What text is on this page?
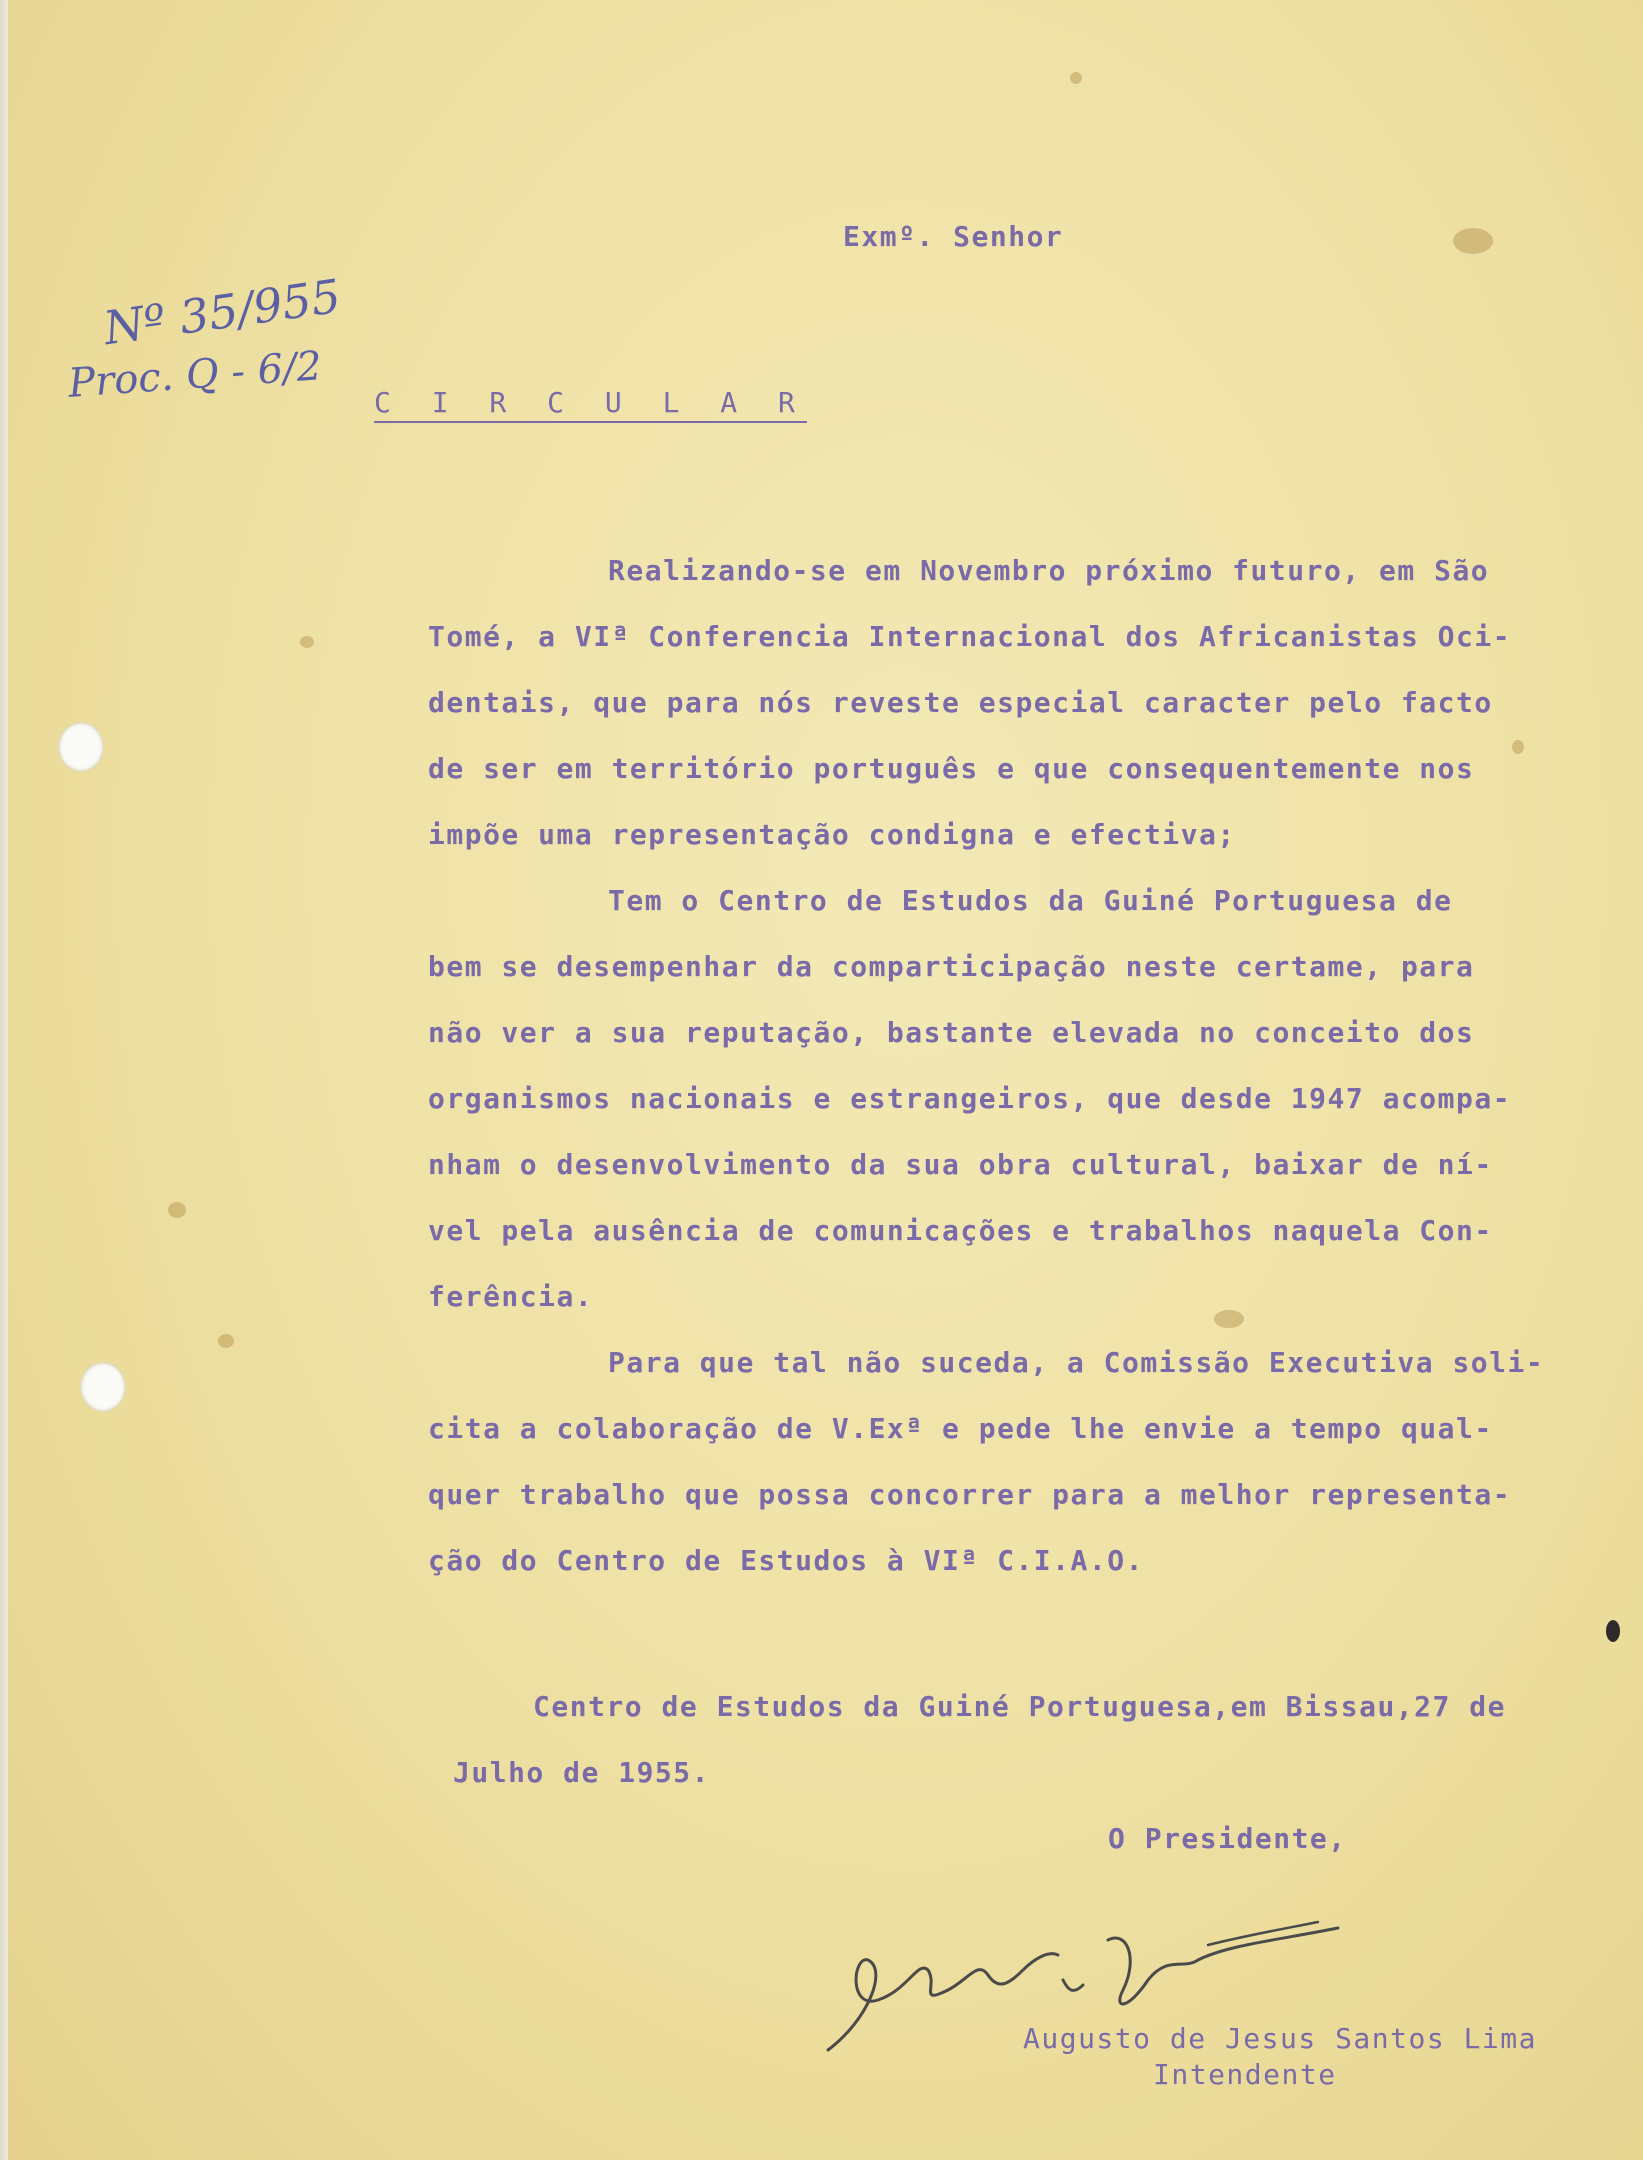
Nº 35/955
Proc. Q - 6/2

Exmº. Senhor

C I R C U L A R

Realizando-se em Novembro próximo futuro, em São

Tomé, a VIª Conferencia Internacional dos Africanistas Oci-

dentais, que para nós reveste especial caracter pelo facto

de ser em território português e que consequentemente nos

impõe uma representação condigna e efectiva;

Tem o Centro de Estudos da Guiné Portuguesa de

bem se desempenhar da comparticipação neste certame, para

não ver a sua reputação, bastante elevada no conceito dos

organismos nacionais e estrangeiros, que desde 1947 acompa-

nham o desenvolvimento da sua obra cultural, baixar de ní-

vel pela ausência de comunicações e trabalhos naquela Con-

ferência.

Para que tal não suceda, a Comissão Executiva soli-

cita a colaboração de V.Exª e pede lhe envie a tempo qual-

quer trabalho que possa concorrer para a melhor representa-

ção do Centro de Estudos à VIª C.I.A.O.

Centro de Estudos da Guiné Portuguesa,em Bissau,27 de

Julho de 1955.

O Presidente,

Augusto de Jesus Santos Lima

Intendente
